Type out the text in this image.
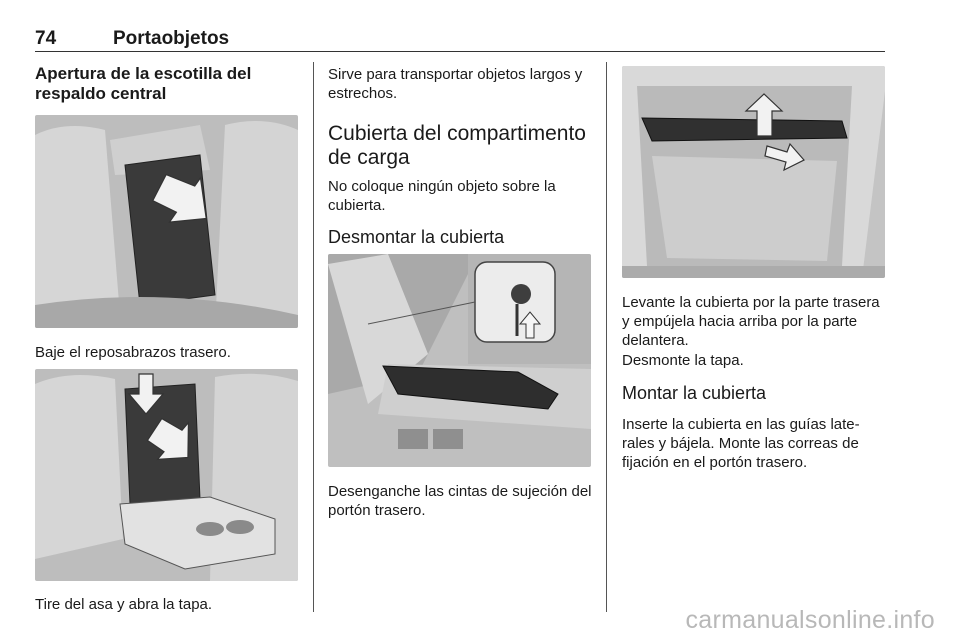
74	Portaobjetos
Apertura de la escotilla del respaldo central
Baje el reposabrazos trasero.
Tire del asa y abra la tapa.
Sirve para transportar objetos largos y estrechos.
Cubierta del compartimento de carga
No coloque ningún objeto sobre la cubierta.
Desmontar la cubierta
Desenganche las cintas de sujeción del portón trasero.
Levante la cubierta por la parte trasera y empújela hacia arriba por la parte delantera.
Desmonte la tapa.
Montar la cubierta
Inserte la cubierta en las guías late-rales y bájela. Monte las correas de fijación en el portón trasero.
carmanualsonline.info
